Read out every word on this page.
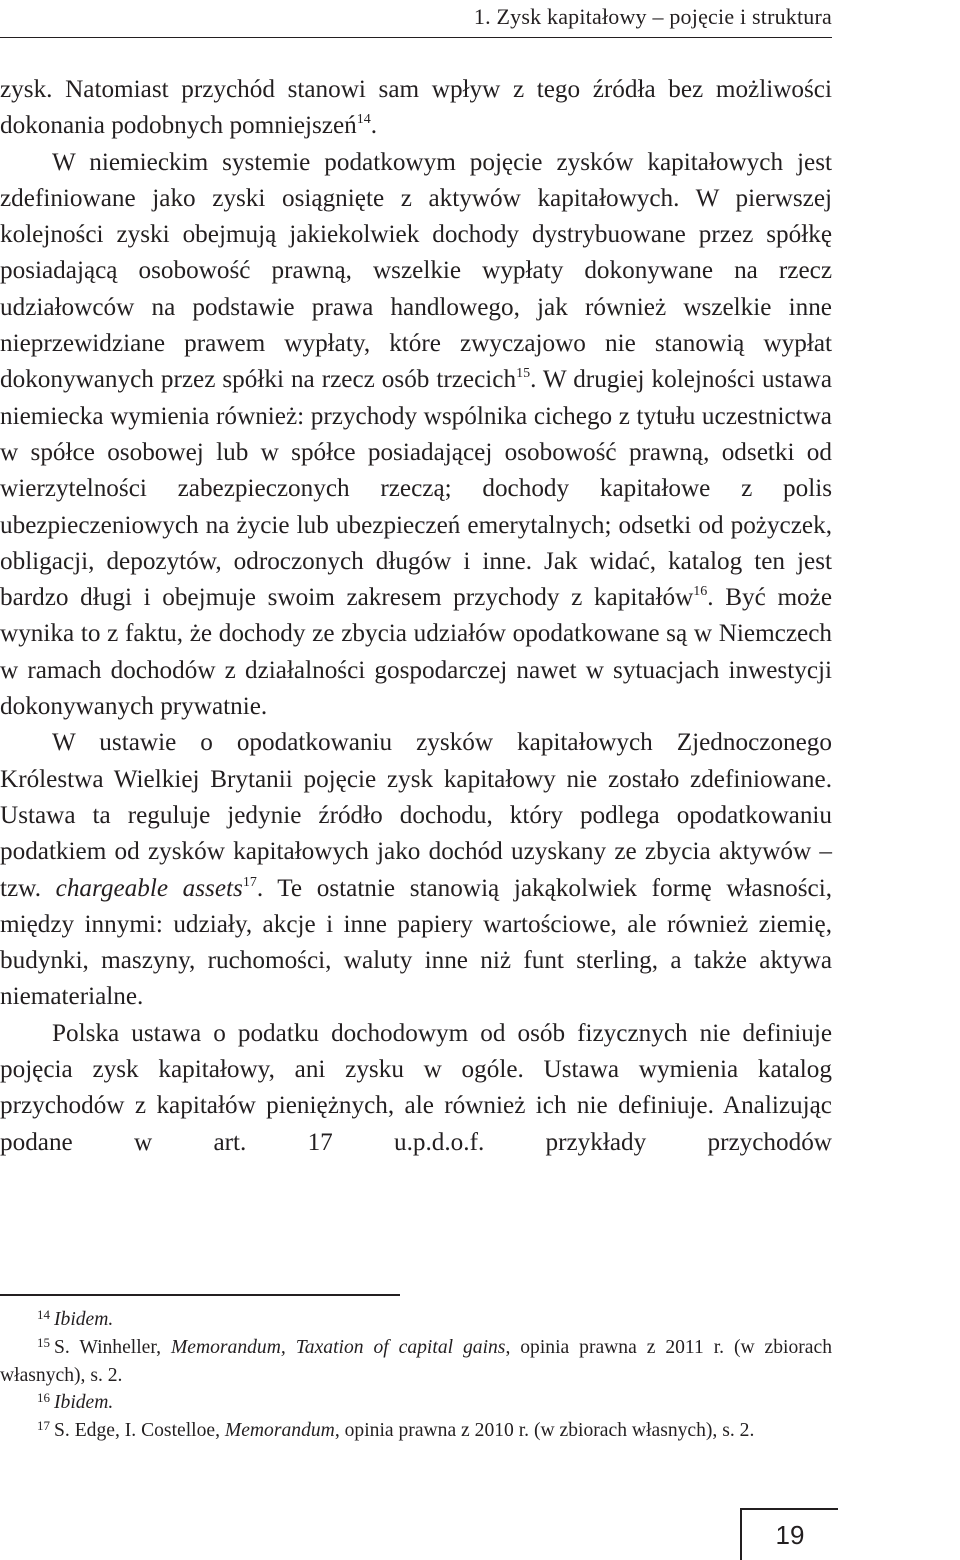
1. Zysk kapitałowy – pojęcie i struktura

zysk. Natomiast przychód stanowi sam wpływ z tego źródła bez możliwości dokonania podobnych pomniejszeń$^{14}$.

W niemieckim systemie podatkowym pojęcie zysków kapitałowych jest zdefiniowane jako zyski osiągnięte z aktywów kapitałowych. W pierwszej kolejności zyski obejmują jakiekolwiek dochody dystrybuowane przez spółkę posiadającą osobowość prawną, wszelkie wypłaty dokonywane na rzecz udziałowców na podstawie prawa handlowego, jak również wszelkie inne nieprzewidziane prawem wypłaty, które zwyczajowo nie stanowią wypłat dokonywanych przez spółki na rzecz osób trzecich$^{15}$. W drugiej kolejności ustawa niemiecka wymienia również: przychody wspólnika cichego z tytułu uczestnictwa w spółce osobowej lub w spółce posiadającej osobowość prawną, odsetki od wierzytelności zabezpieczonych rzeczą; dochody kapitałowe z polis ubezpieczeniowych na życie lub ubezpieczeń emerytalnych; odsetki od pożyczek, obligacji, depozytów, odroczonych długów i inne. Jak widać, katalog ten jest bardzo długi i obejmuje swoim zakresem przychody z kapitałów$^{16}$. Być może wynika to z faktu, że dochody ze zbycia udziałów opodatkowane są w Niemczech w ramach dochodów z działalności gospodarczej nawet w sytuacjach inwestycji dokonywanych prywatnie.

W ustawie o opodatkowaniu zysków kapitałowych Zjednoczonego Królestwa Wielkiej Brytanii pojęcie zysk kapitałowy nie zostało zdefiniowane. Ustawa ta reguluje jedynie źródło dochodu, który podlega opodatkowaniu podatkiem od zysków kapitałowych jako dochód uzyskany ze zbycia aktywów – tzw. chargeable assets$^{17}$. Te ostatnie stanowią jakąkolwiek formę własności, między innymi: udziały, akcje i inne papiery wartościowe, ale również ziemię, budynki, maszyny, ruchomości, waluty inne niż funt sterling, a także aktywa niematerialne.

Polska ustawa o podatku dochodowym od osób fizycznych nie definiuje pojęcia zysk kapitałowy, ani zysku w ogóle. Ustawa wymienia katalog przychodów z kapitałów pieniężnych, ale również ich nie definiuje. Analizując podane w art. 17 u.p.d.o.f. przykłady przychodów

14 Ibidem.

15 S. Winheller, Memorandum, Taxation of capital gains, opinia prawna z 2011 r. (w zbiorach własnych), s. 2.

16 Ibidem.

17 S. Edge, I. Costelloe, Memorandum, opinia prawna z 2010 r. (w zbiorach własnych), s. 2.

19
